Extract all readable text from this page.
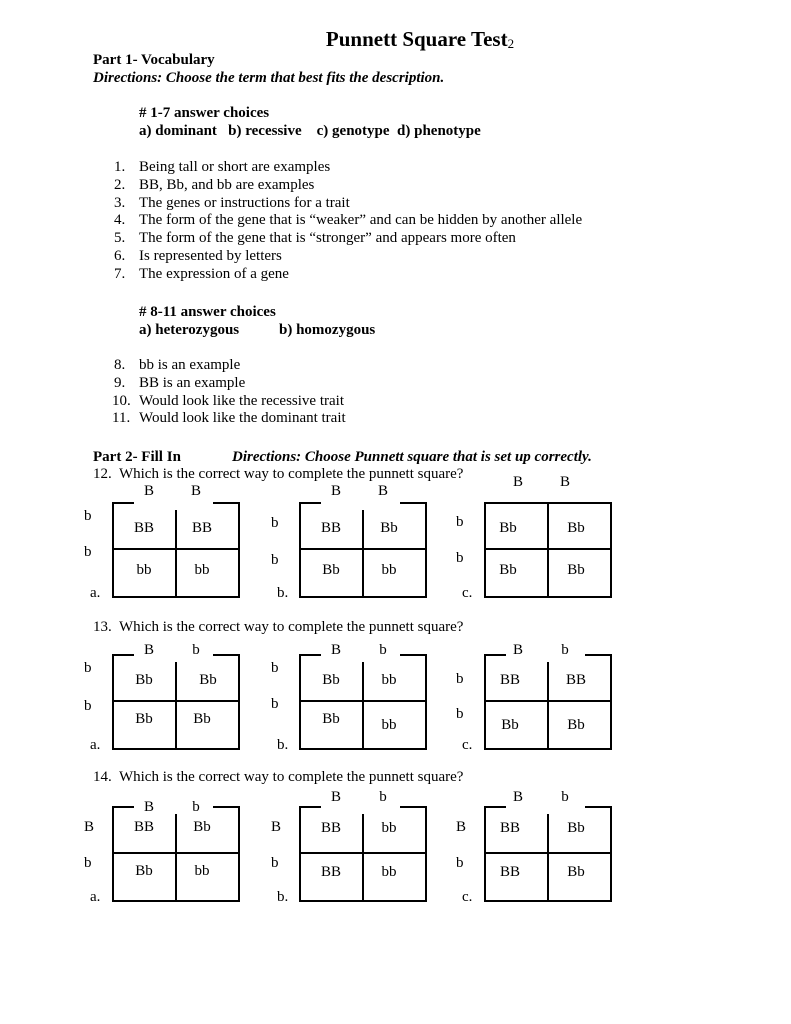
Punnett Square Test$_2$
Part 1- Vocabulary
Directions: Choose the term that best fits the description.
# 1-7 answer choices
a) dominant   b) recessive    c) genotype  d) phenotype
1. Being tall or short are examples
2. BB, Bb, and bb are examples
3. The genes or instructions for a trait
4. The form of the gene that is “weaker” and can be hidden by another allele
5. The form of the gene that is “stronger” and appears more often
6. Is represented by letters
7. The expression of a gene
# 8-11 answer choices
a) heterozygous	b) homozygous
8. bb is an example
9. BB is an example
10. Would look like the recessive trait
11. Would look like the dominant trait
Part 2- Fill In	Directions: Choose Punnett square that is set up correctly.
12. Which is the correct way to complete the punnett square?
B	B
b
b
BB	BB
bb	bb
a.
B	B
b
b
BB	Bb
Bb	bb
b.
B	B
b
b
Bb	Bb
Bb	Bb
c.
13. Which is the correct way to complete the punnett square?
B	b
b
b
Bb	Bb
Bb	Bb
a.
B	b
b
b
Bb	bb
Bb	bb
b.
B	b
b
b
BB	BB
Bb	Bb
c.
14. Which is the correct way to complete the punnett square?
B	b
B
b
BB	Bb
Bb	bb
a.
B	b
B
b
BB	bb
BB	bb
b.
B	b
B
b
BB	Bb
BB	Bb
c.
